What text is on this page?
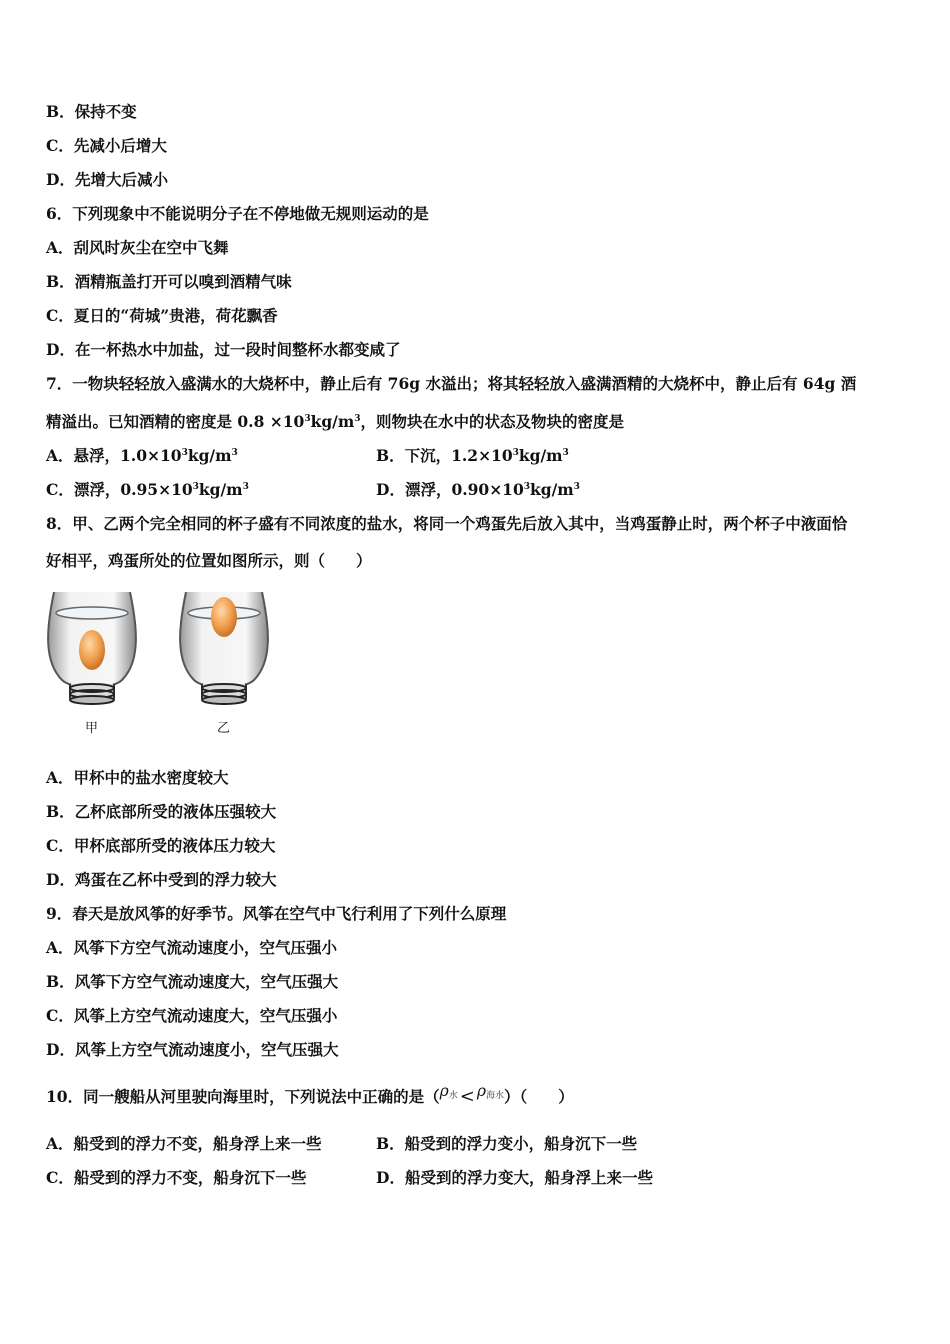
B．保持不变
C．先减小后增大
D．先增大后减小
6．下列现象中不能说明分子在不停地做无规则运动的是
A．刮风时灰尘在空中飞舞
B．酒精瓶盖打开可以嗅到酒精气味
C．夏日的“荷城”贵港，荷花飘香
D．在一杯热水中加盐，过一段时间整杯水都变咸了
7．一物块轻轻放入盛满水的大烧杯中，静止后有 76g 水溢出；将其轻轻放入盛满酒精的大烧杯中，静止后有 64g 酒
精溢出。已知酒精的密度是 $0.8 \times 10^3kg/m^3$，则物块在水中的状态及物块的密度是
A．悬浮，$1.0\times 10^3kg/m^3$	B．下沉，$1.2\times 10^3kg/m^3$
C．漂浮，$0.95\times 10^3kg/m^3$	D．漂浮，$0.90\times 10^3kg/m^3$
8．甲、乙两个完全相同的杯子盛有不同浓度的盐水，将同一个鸡蛋先后放入其中，当鸡蛋静止时，两个杯子中液面恰
好相平，鸡蛋所处的位置如图所示，则（　　）
甲	乙
A．甲杯中的盐水密度较大
B．乙杯底部所受的液体压强较大
C．甲杯底部所受的液体压力较大
D．鸡蛋在乙杯中受到的浮力较大
9．春天是放风筝的好季节。风筝在空气中飞行利用了下列什么原理
A．风筝下方空气流动速度小，空气压强小
B．风筝下方空气流动速度大，空气压强大
C．风筝上方空气流动速度大，空气压强小
D．风筝上方空气流动速度小，空气压强大
10．同一艘船从河里驶向海里时，下列说法中正确的是（ρ水 < ρ海水）（　　）
A．船受到的浮力不变，船身浮上来一些	B．船受到的浮力变小，船身沉下一些
C．船受到的浮力不变，船身沉下一些	D．船受到的浮力变大，船身浮上来一些
